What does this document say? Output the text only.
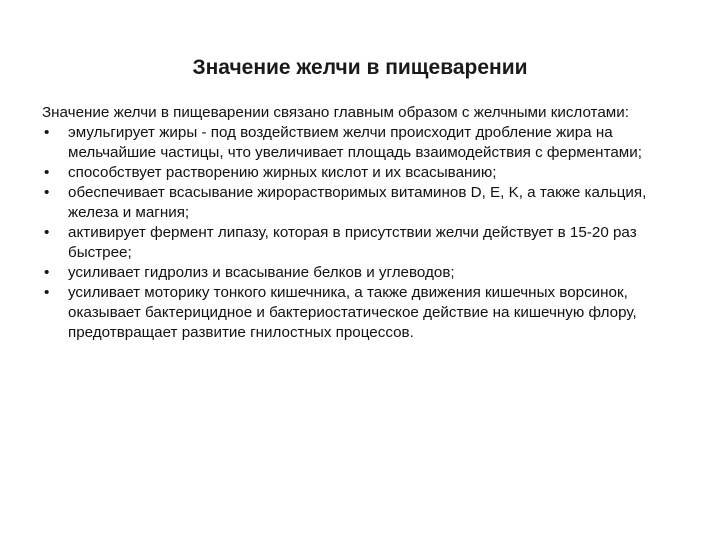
Значение желчи в пищеварении

Значение желчи в пищеварении связано главным образом с желчными кислотами:

•	эмульгирует жиры - под воздействием желчи происходит дробление жира на мельчайшие частицы, что увеличивает площадь взаимодействия с ферментами;
•	способствует растворению жирных кислот и их всасыванию;
•	обеспечивает всасывание жирорастворимых витаминов D, E, K, а также кальция, железа и магния;
•	активирует фермент липазу, которая в присутствии желчи действует в 15-20 раз быстрее;
•	усиливает гидролиз и всасывание белков и углеводов;
•	усиливает моторику тонкого кишечника, а также движения кишечных ворсинок, оказывает бактерицидное и бактериостатическое действие на кишечную флору, предотвращает развитие гнилостных процессов.
